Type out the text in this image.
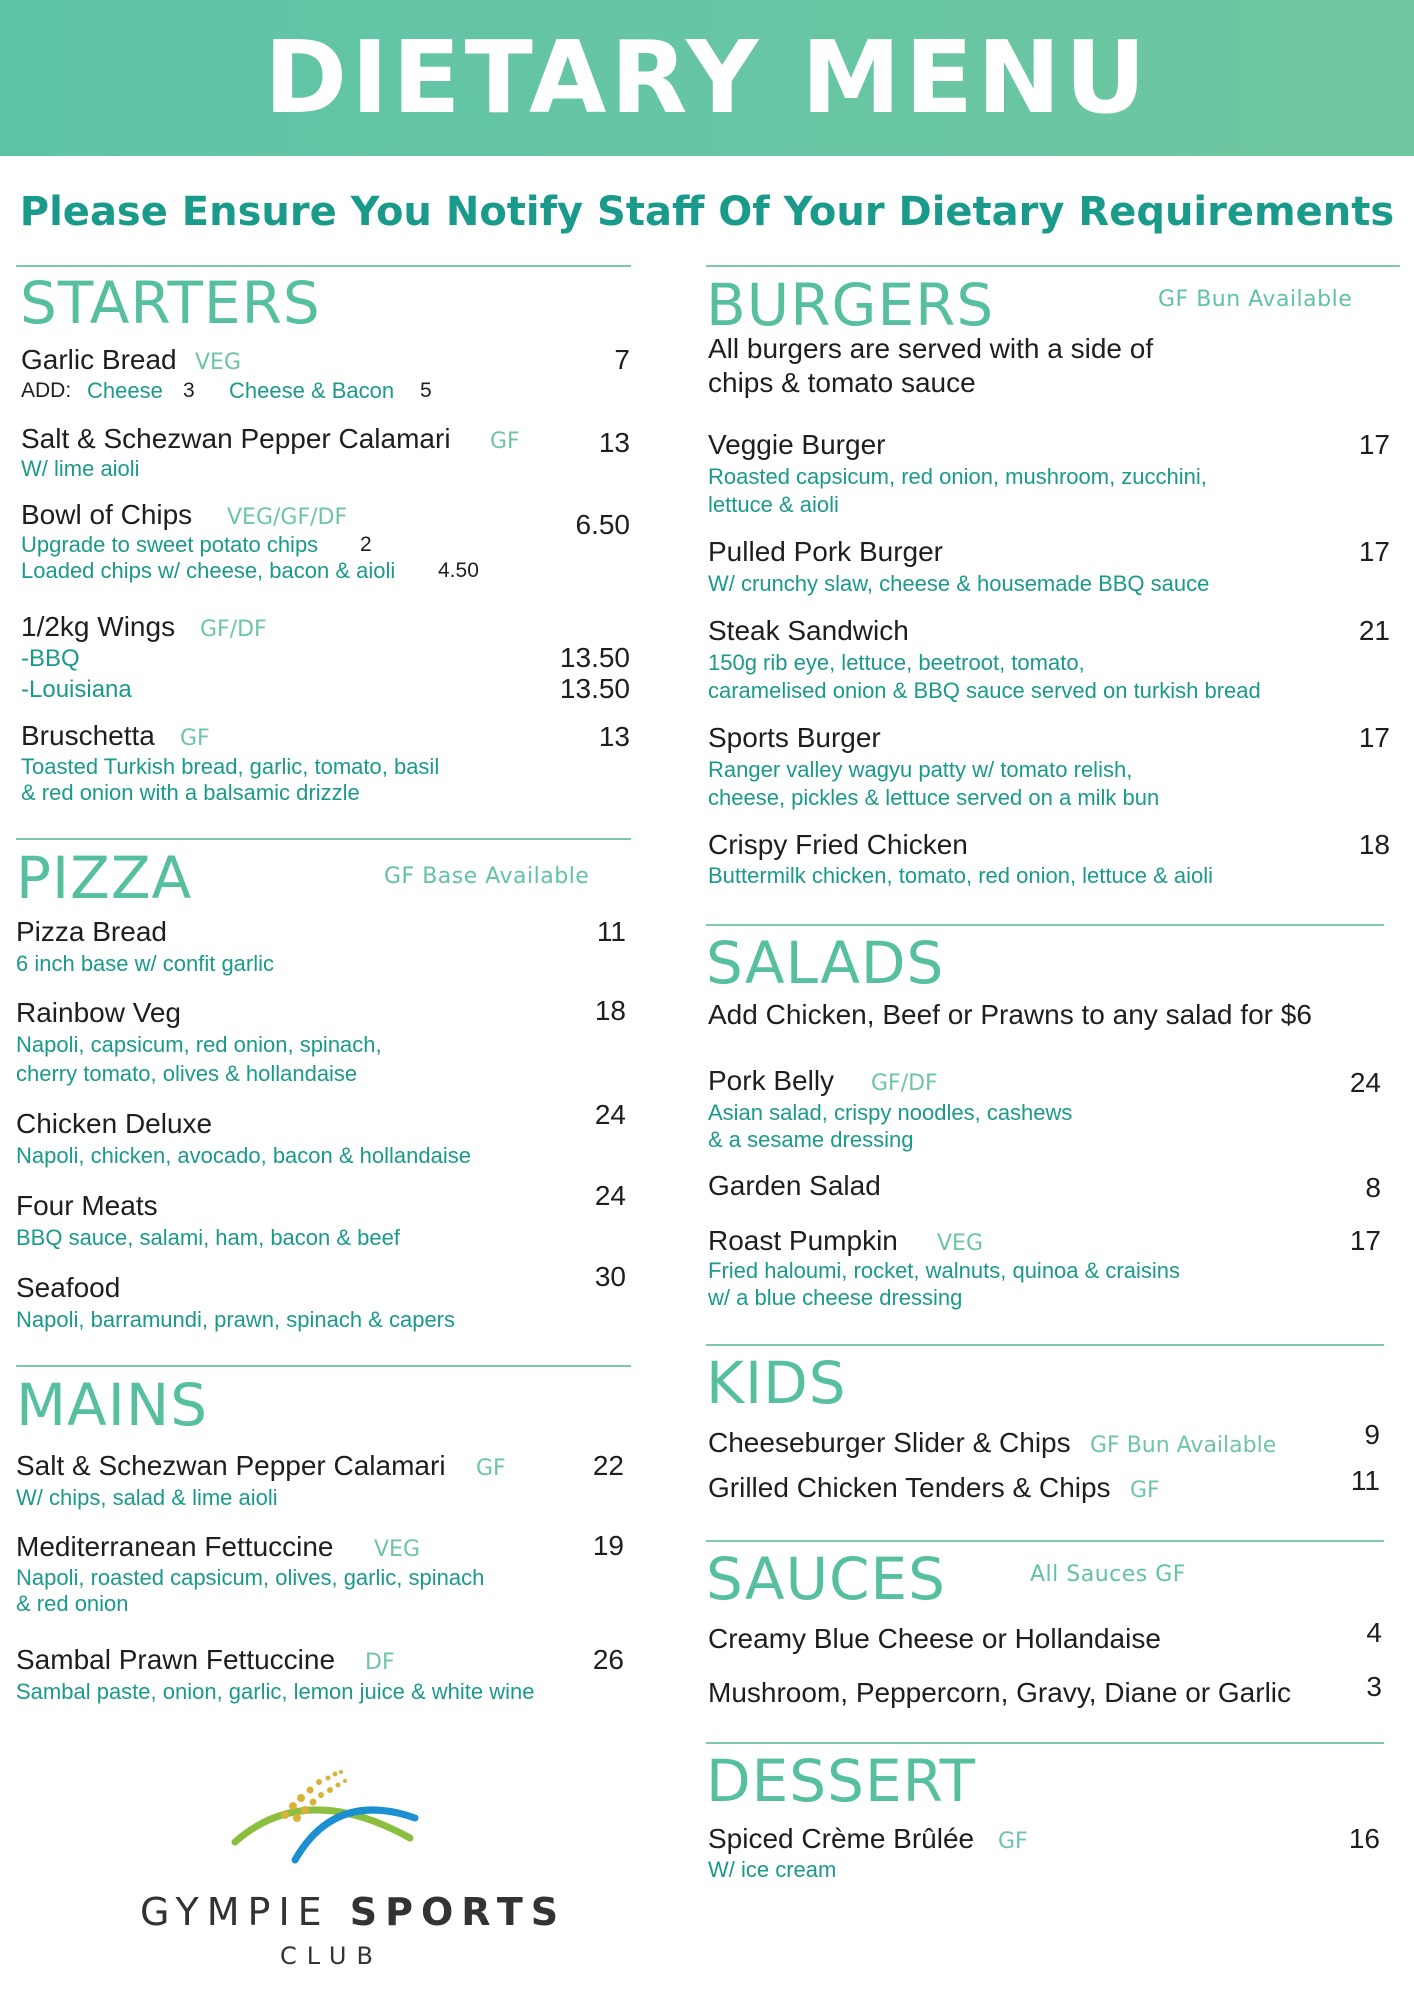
DIETARY MENU
Please Ensure You Notify Staff Of Your Dietary Requirements
STARTERS
Garlic Bread VEG	7
ADD: Cheese 3 Cheese & Bacon 5
Salt & Schezwan Pepper Calamari GF	13
W/ lime aioli
Bowl of Chips VEG/GF/DF	6.50
Upgrade to sweet potato chips 2
Loaded chips w/ cheese, bacon & aioli 4.50
1/2kg Wings GF/DF
-BBQ	13.50
-Louisiana	13.50
Bruschetta GF	13
Toasted Turkish bread, garlic, tomato, basil
& red onion with a balsamic drizzle
PIZZA	GF Base Available
Pizza Bread	11
6 inch base w/ confit garlic
Rainbow Veg	18
Napoli, capsicum, red onion, spinach,
cherry tomato, olives & hollandaise
Chicken Deluxe	24
Napoli, chicken, avocado, bacon & hollandaise
Four Meats	24
BBQ sauce, salami, ham, bacon & beef
Seafood	30
Napoli, barramundi, prawn, spinach & capers
MAINS
Salt & Schezwan Pepper Calamari GF	22
W/ chips, salad & lime aioli
Mediterranean Fettuccine VEG	19
Napoli, roasted capsicum, olives, garlic, spinach
& red onion
Sambal Prawn Fettuccine DF	26
Sambal paste, onion, garlic, lemon juice & white wine
GYMPIE SPORTS
CLUB
BURGERS	GF Bun Available
All burgers are served with a side of
chips & tomato sauce
Veggie Burger	17
Roasted capsicum, red onion, mushroom, zucchini,
lettuce & aioli
Pulled Pork Burger	17
W/ crunchy slaw, cheese & housemade BBQ sauce
Steak Sandwich	21
150g rib eye, lettuce, beetroot, tomato,
caramelised onion & BBQ sauce served on turkish bread
Sports Burger	17
Ranger valley wagyu patty w/ tomato relish,
cheese, pickles & lettuce served on a milk bun
Crispy Fried Chicken	18
Buttermilk chicken, tomato, red onion, lettuce & aioli
SALADS
Add Chicken, Beef or Prawns to any salad for $6
Pork Belly GF/DF	24
Asian salad, crispy noodles, cashews
& a sesame dressing
Garden Salad	8
Roast Pumpkin VEG	17
Fried haloumi, rocket, walnuts, quinoa & craisins
w/ a blue cheese dressing
KIDS
Cheeseburger Slider & Chips GF Bun Available	9
Grilled Chicken Tenders & Chips GF	11
SAUCES	All Sauces GF
Creamy Blue Cheese or Hollandaise	4
Mushroom, Peppercorn, Gravy, Diane or Garlic	3
DESSERT
Spiced Crème Brûlée GF	16
W/ ice cream
